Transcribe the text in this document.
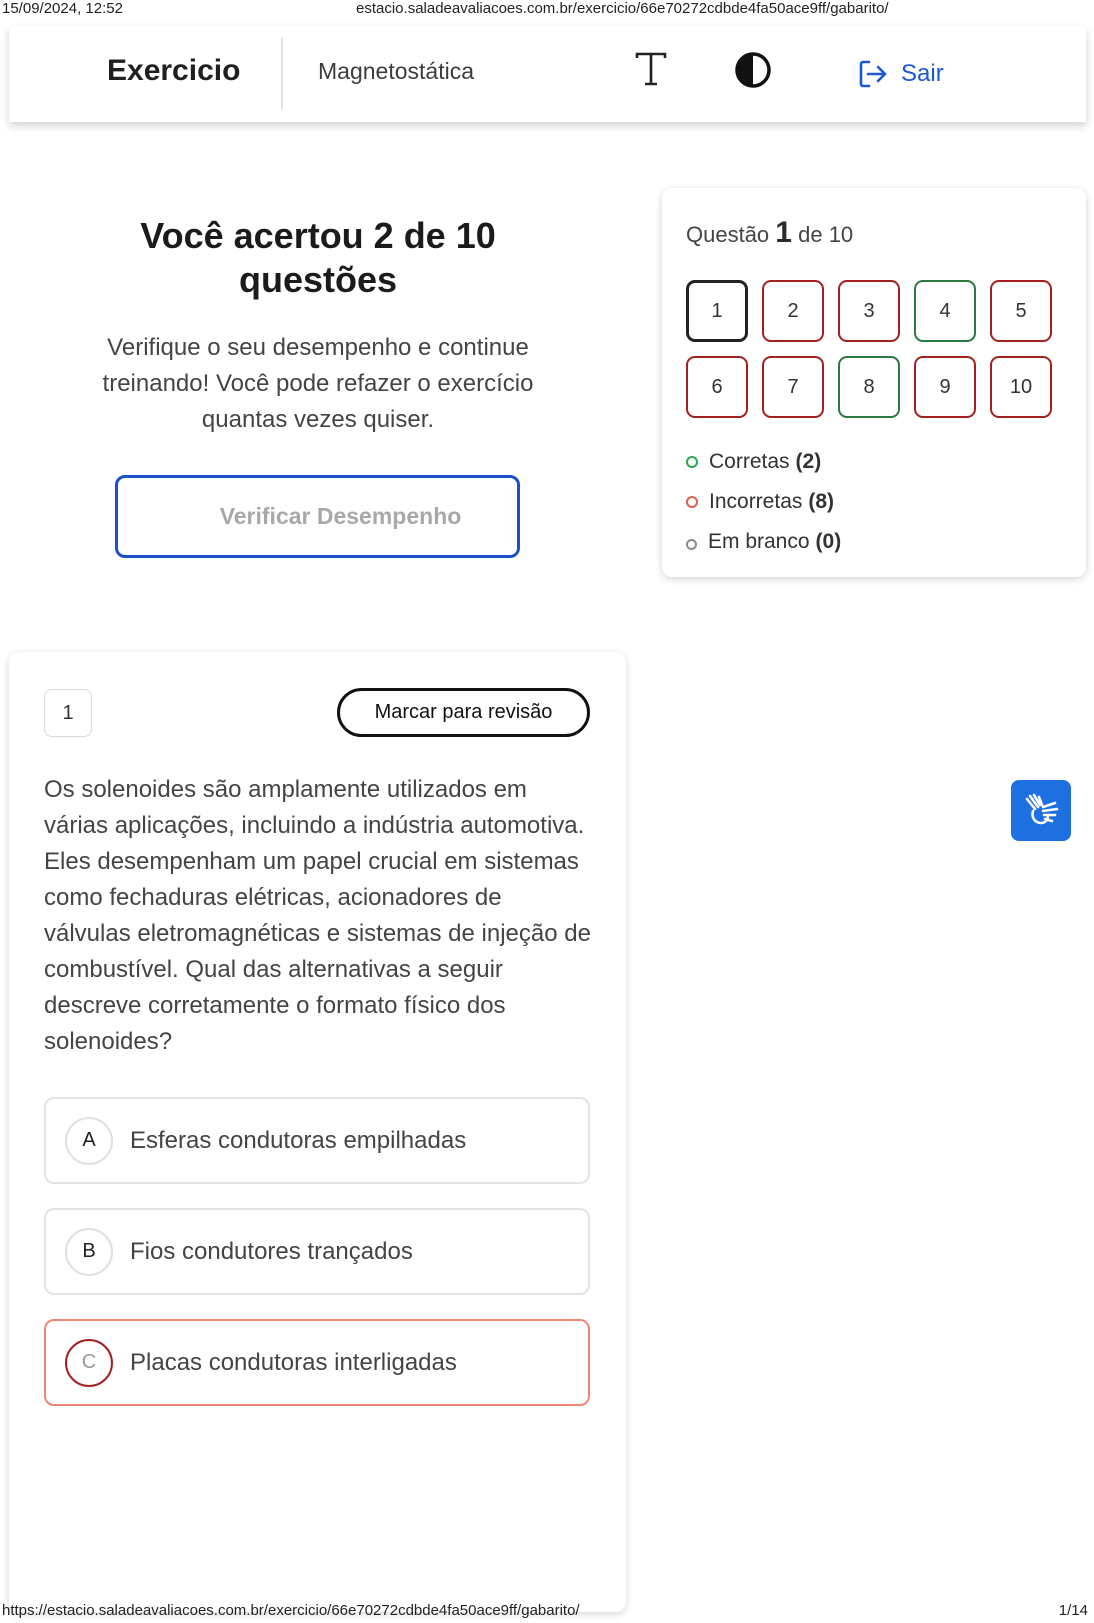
15/09/2024, 12:52	estacio.saladeavaliacoes.com.br/exercicio/66e70272cdbde4fa50ace9ff/gabarito/
Exercicio	Magnetostática	Sair
Você acertou 2 de 10 questões
Verifique o seu desempenho e continue treinando! Você pode refazer o exercício quantas vezes quiser.
Verificar Desempenho
Questão 1 de 10
1	2	3	4	5
6	7	8	9	10
Corretas (2)
Incorretas (8)
Em branco (0)
1	Marcar para revisão
Os solenoides são amplamente utilizados em várias aplicações, incluindo a indústria automotiva. Eles desempenham um papel crucial em sistemas como fechaduras elétricas, acionadores de válvulas eletromagnéticas e sistemas de injeção de combustível. Qual das alternativas a seguir descreve corretamente o formato físico dos solenoides?
A	Esferas condutoras empilhadas
B	Fios condutores trançados
C	Placas condutoras interligadas
https://estacio.saladeavaliacoes.com.br/exercicio/66e70272cdbde4fa50ace9ff/gabarito/	1/14
